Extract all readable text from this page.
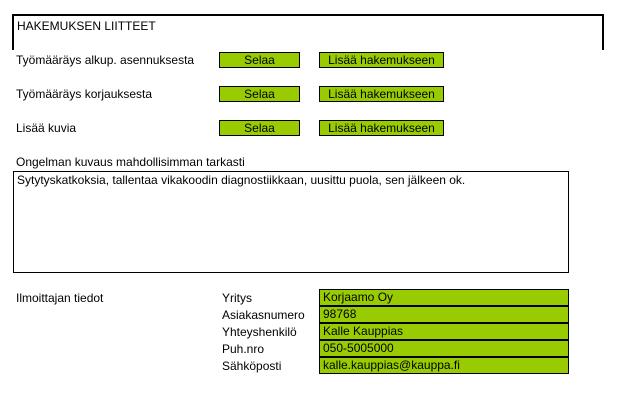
HAKEMUKSEN LIITTEET
Työmääräys alkup. asennuksesta	Selaa	Lisää hakemukseen
Työmääräys korjauksesta	Selaa	Lisää hakemukseen
Lisää kuvia	Selaa	Lisää hakemukseen
Ongelman kuvaus mahdollisimman tarkasti
Sytytyskatkoksia, tallentaa vikakoodin diagnostiikkaan, uusittu puola, sen jälkeen ok.
Ilmoittajan tiedot	Yritys	Korjaamo Oy
Asiakasnumero	98768
Yhteyshenkilö	Kalle Kauppias
Puh.nro	050-5005000
Sähköposti	kalle.kauppias@kauppa.fi
